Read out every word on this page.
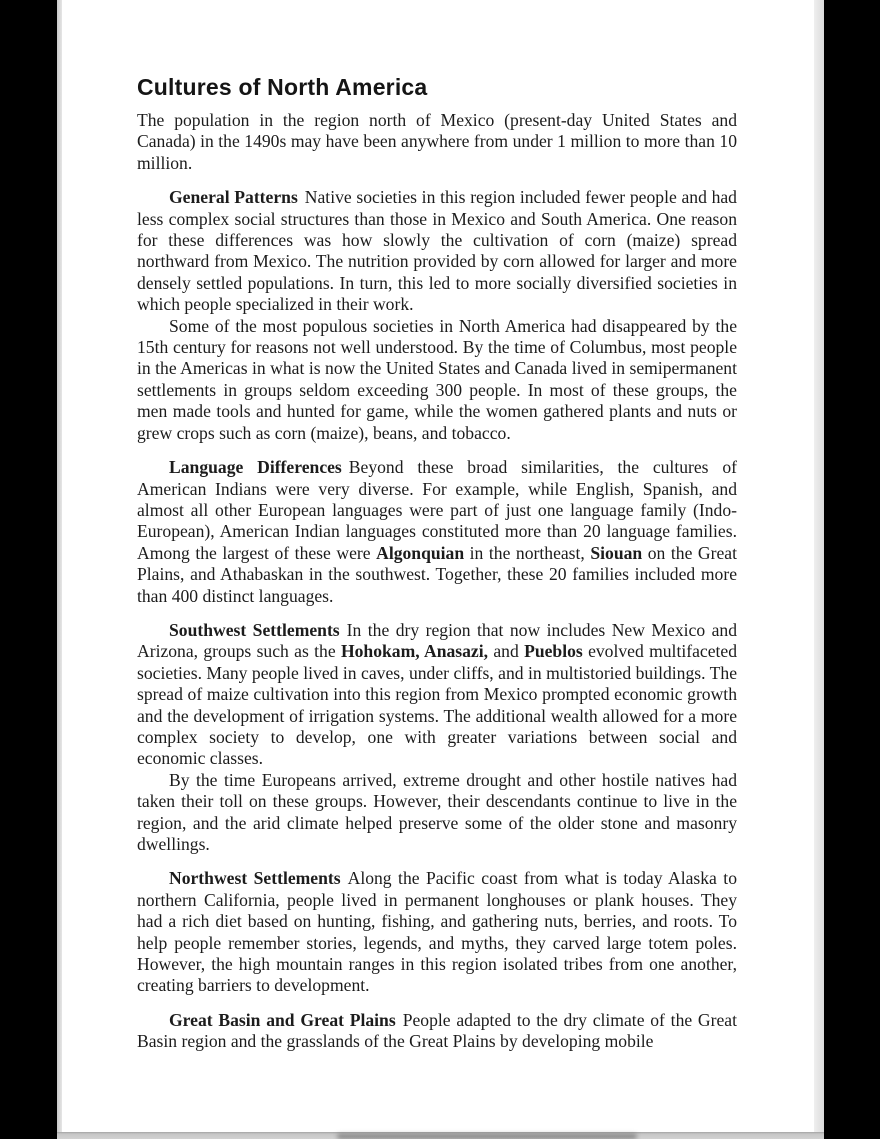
Cultures of North America

The population in the region north of Mexico (present-day United States and Canada) in the 1490s may have been anywhere from under 1 million to more than 10 million.

General Patterns Native societies in this region included fewer people and had less complex social structures than those in Mexico and South America. One reason for these differences was how slowly the cultivation of corn (maize) spread northward from Mexico. The nutrition provided by corn allowed for larger and more densely settled populations. In turn, this led to more socially diversified societies in which people specialized in their work.

Some of the most populous societies in North America had disappeared by the 15th century for reasons not well understood. By the time of Columbus, most people in the Americas in what is now the United States and Canada lived in semipermanent settlements in groups seldom exceeding 300 people. In most of these groups, the men made tools and hunted for game, while the women gathered plants and nuts or grew crops such as corn (maize), beans, and tobacco.

Language Differences Beyond these broad similarities, the cultures of American Indians were very diverse. For example, while English, Spanish, and almost all other European languages were part of just one language family (Indo-European), American Indian languages constituted more than 20 language families. Among the largest of these were Algonquian in the northeast, Siouan on the Great Plains, and Athabaskan in the southwest. Together, these 20 families included more than 400 distinct languages.

Southwest Settlements In the dry region that now includes New Mexico and Arizona, groups such as the Hohokam, Anasazi, and Pueblos evolved multifaceted societies. Many people lived in caves, under cliffs, and in multistoried buildings. The spread of maize cultivation into this region from Mexico prompted economic growth and the development of irrigation systems. The additional wealth allowed for a more complex society to develop, one with greater variations between social and economic classes.

By the time Europeans arrived, extreme drought and other hostile natives had taken their toll on these groups. However, their descendants continue to live in the region, and the arid climate helped preserve some of the older stone and masonry dwellings.

Northwest Settlements Along the Pacific coast from what is today Alaska to northern California, people lived in permanent longhouses or plank houses. They had a rich diet based on hunting, fishing, and gathering nuts, berries, and roots. To help people remember stories, legends, and myths, they carved large totem poles. However, the high mountain ranges in this region isolated tribes from one another, creating barriers to development.

Great Basin and Great Plains People adapted to the dry climate of the Great Basin region and the grasslands of the Great Plains by developing mobile
